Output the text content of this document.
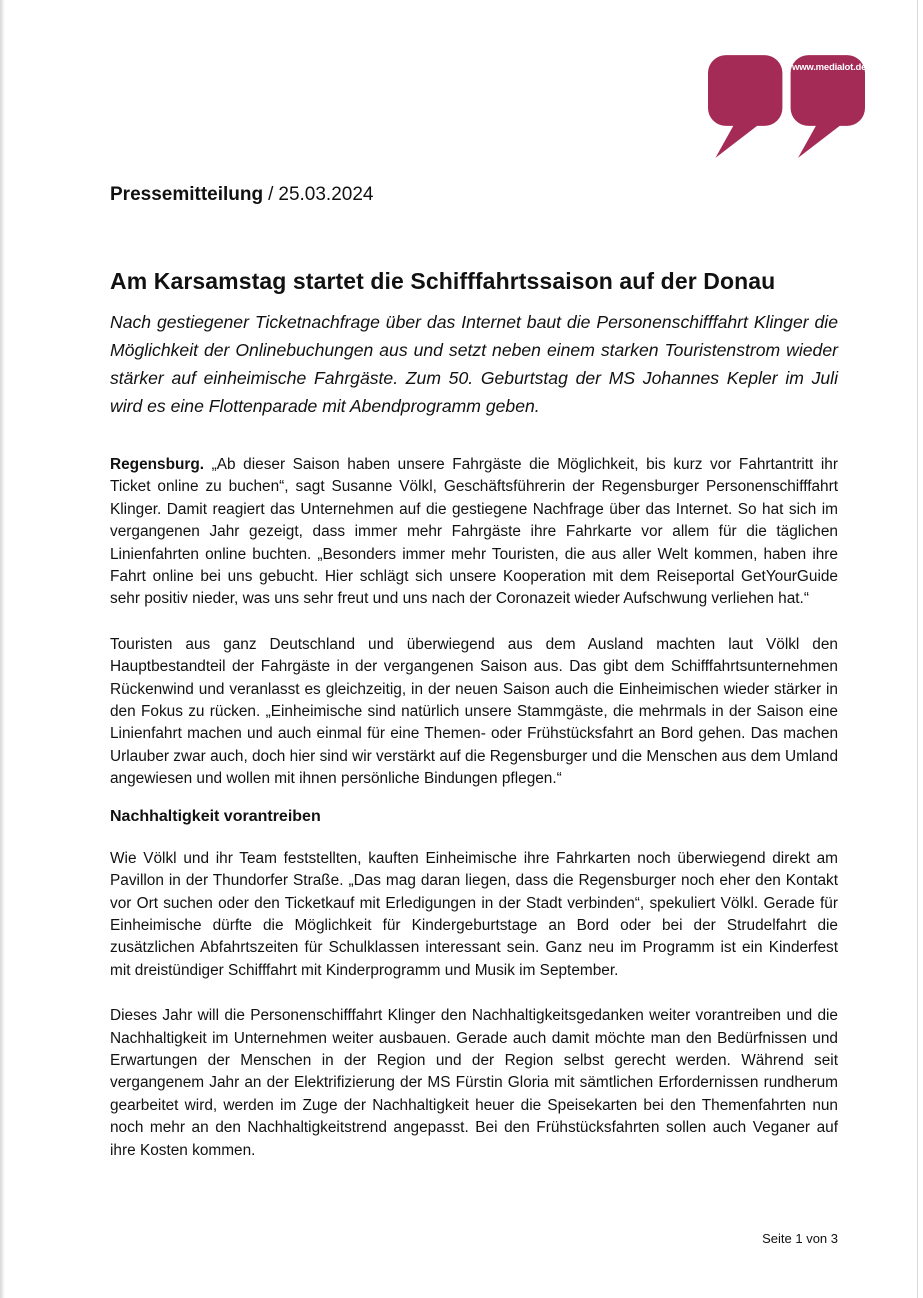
www.medialot.de
Pressemitteilung / 25.03.2024
Am Karsamstag startet die Schifffahrtssaison auf der Donau

Nach gestiegener Ticketnachfrage über das Internet baut die Personenschifffahrt Klinger die Möglichkeit der Onlinebuchungen aus und setzt neben einem starken Touristenstrom wieder stärker auf einheimische Fahrgäste. Zum 50. Geburtstag der MS Johannes Kepler im Juli wird es eine Flottenparade mit Abendprogramm geben.

Regensburg. „Ab dieser Saison haben unsere Fahrgäste die Möglichkeit, bis kurz vor Fahrtantritt ihr Ticket online zu buchen“, sagt Susanne Völkl, Geschäftsführerin der Regensburger Personenschifffahrt Klinger. Damit reagiert das Unternehmen auf die gestiegene Nachfrage über das Internet. So hat sich im vergangenen Jahr gezeigt, dass immer mehr Fahrgäste ihre Fahrkarte vor allem für die täglichen Linienfahrten online buchten. „Besonders immer mehr Touristen, die aus aller Welt kommen, haben ihre Fahrt online bei uns gebucht. Hier schlägt sich unsere Kooperation mit dem Reiseportal GetYourGuide sehr positiv nieder, was uns sehr freut und uns nach der Coronazeit wieder Aufschwung verliehen hat.“

Touristen aus ganz Deutschland und überwiegend aus dem Ausland machten laut Völkl den Hauptbestandteil der Fahrgäste in der vergangenen Saison aus. Das gibt dem Schifffahrtsunternehmen Rückenwind und veranlasst es gleichzeitig, in der neuen Saison auch die Einheimischen wieder stärker in den Fokus zu rücken. „Einheimische sind natürlich unsere Stammgäste, die mehrmals in der Saison eine Linienfahrt machen und auch einmal für eine Themen- oder Frühstücksfahrt an Bord gehen. Das machen Urlauber zwar auch, doch hier sind wir verstärkt auf die Regensburger und die Menschen aus dem Umland angewiesen und wollen mit ihnen persönliche Bindungen pflegen.“

Nachhaltigkeit vorantreiben

Wie Völkl und ihr Team feststellten, kauften Einheimische ihre Fahrkarten noch überwiegend direkt am Pavillon in der Thundorfer Straße. „Das mag daran liegen, dass die Regensburger noch eher den Kontakt vor Ort suchen oder den Ticketkauf mit Erledigungen in der Stadt verbinden“, spekuliert Völkl. Gerade für Einheimische dürfte die Möglichkeit für Kindergeburtstage an Bord oder bei der Strudelfahrt die zusätzlichen Abfahrtszeiten für Schulklassen interessant sein. Ganz neu im Programm ist ein Kinderfest mit dreistündiger Schifffahrt mit Kinderprogramm und Musik im September.

Dieses Jahr will die Personenschifffahrt Klinger den Nachhaltigkeitsgedanken weiter vorantreiben und die Nachhaltigkeit im Unternehmen weiter ausbauen. Gerade auch damit möchte man den Bedürfnissen und Erwartungen der Menschen in der Region und der Region selbst gerecht werden. Während seit vergangenem Jahr an der Elektrifizierung der MS Fürstin Gloria mit sämtlichen Erfordernissen rundherum gearbeitet wird, werden im Zuge der Nachhaltigkeit heuer die Speisekarten bei den Themenfahrten nun noch mehr an den Nachhaltigkeitstrend angepasst. Bei den Frühstücksfahrten sollen auch Veganer auf ihre Kosten kommen.

Seite 1 von 3
